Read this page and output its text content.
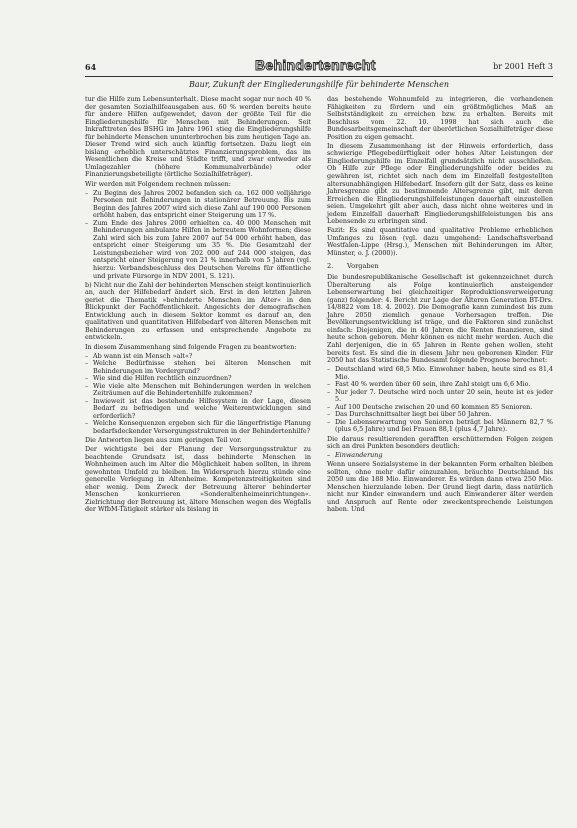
64	Behindertenrecht	br 2001 Heft 3
Baur, Zukunft der Eingliederungshilfe für behinderte Menschen

tur die Hilfe zum Lebensunterhalt. Diese macht sogar nur noch 40 % der gesamten Sozialhilfeausgaben aus. 60 % werden bereits heute für andere Hilfen aufgewendet, davon der größte Teil für die Eingliederungshilfe für Menschen mit Behinderungen. Seit Inkrafttreten des BSHG im Jahre 1961 stieg die Eingliederungshilfe für behinderte Menschen ununterbrochen bis zum heutigen Tage an. Dieser Trend wird sich auch künftig fortsetzen. Dazu liegt ein bislang erheblich unterschätztes Finanzierungsproblem, das im Wesentlichen die Kreise und Städte trifft, und zwar entweder als Umlagezahler (höhere Kommunalverbände) oder Finanzierungsbeteiligte (örtliche Sozialhilfeträger).

Wir werden mit Folgendem rechnen müssen:

– Zu Beginn des Jahres 2002 befanden sich ca. 162 000 volljährige Personen mit Behinderungen in stationärer Betreuung. Bis zum Beginn des Jahres 2007 wird sich diese Zahl auf 190 000 Personen erhöht haben, das entspricht einer Steigerung um 17 %.
– Zum Ende des Jahres 2000 erhielten ca. 40 000 Menschen mit Behinderungen ambulante Hilfen in betreutem Wohnformen; diese Zahl wird sich bis zum Jahre 2007 auf 54 000 erhöht haben, das entspricht einer Steigerung um 35 %. Die Gesamtzahl der Leistungsbezieher wird von 202 000 auf 244 000 steigen, das entspricht einer Steigerung von 21 % innerhalb von 5 Jahren (vgl. hierzu: Verbandsbeschluss des Deutschen Vereins für öffentliche und private Fürsorge in NDV 2001, S. 121).

b) Nicht nur die Zahl der behinderten Menschen steigt kontinuierlich an, auch der Hilfebedarf ändert sich. Erst in den letzten Jahren geriet die Thematik »behinderte Menschen im Alter« in den Blickpunkt der Fachöffentlichkeit. Angesichts der demografischen Entwicklung auch in diesem Sektor kommt es darauf an, den qualitativen und quantitativen Hilfebedarf von älteren Menschen mit Behinderungen zu erfassen und entsprechende Angebote zu entwickeln.

In diesem Zusammenhang sind folgende Fragen zu beantworten:

– Ab wann ist ein Mensch »alt«?
– Welche Bedürfnisse stehen bei älteren Menschen mit Behinderungen im Vordergrund?
– Wie sind die Hilfen rechtlich einzuordnen?
– Wie viele alte Menschen mit Behinderungen werden in welchen Zeiträumen auf die Behindertenhilfe zukommen?
– Inwieweit ist das bestehende Hilfesystem in der Lage, diesen Bedarf zu befriedigen und welche Weiterentwicklungen sind erforderlich?
– Welche Konsequenzen ergeben sich für die längerfristige Planung bedarfsdeckender Versorgungsstrukturen in der Behindertenhilfe?

Die Antworten liegen aus zum geringen Teil vor.

Der wichtigste bei der Planung der Versorgungsstruktur zu beachtende Grundsatz ist, dass behinderte Menschen in Wohnheimen auch im Alter die Möglichkeit haben sollten, in ihrem gewohnten Umfeld zu bleiben. Im Widerspruch hierzu stünde eine generelle Verlegung in Altenheime. Kompetenzstreitigkeiten sind eher wenig. Dem Zweck der Betreuung älterer behinderter Menschen konkurrieren »Sonderaltenheimeinrichtungen«. Zielrichtung der Betreuung ist, ältere Menschen wegen des Wegfalls der WfbM-Tätigkeit stärker als bislang in

das bestehende Wohnumfeld zu integrieren, die vorhandenen Fähigkeiten zu fördern und ein größtmögliches Maß an Selbstständigkeit zu erreichen bzw. zu erhalten. Bereits mit Beschluss vom 22. 10. 1998 hat sich auch die Bundesarbeitsgemeinschaft der überörtlichen Sozialhilfeträger diese Position zu eigen gemacht.

In diesem Zusammenhang ist der Hinweis erforderlich, dass schwierige Pflegebedürftigkeit oder hohes Alter Leistungen der Eingliederungshilfe im Einzelfall grundsätzlich nicht ausschließen. Ob Hilfe zur Pflege oder Eingliederungshilfe oder beides zu gewähren ist, richtet sich nach dem im Einzelfall festgestellten altersunabhängigen Hilfebedarf. Insofern gilt der Satz, dass es keine Jahresgrenze gibt zu bestimmende Altersgrenze gibt, mit deren Erreichen die Eingliederungshilfeleistungen dauerhaft einzustellen seien. Umgekehrt gilt aber auch, dass nicht ohne weiteres und in jedem Einzelfall dauerhaft Eingliederungshilfeleistungen bis ans Lebensende zu erbringen sind.

Fazit: Es sind quantitative und qualitative Probleme erheblichen Umfanges zu lösen (vgl. dazu umgehend: Landschaftsverband Westfalen-Lippe (Hrsg.), Menschen mit Behinderungen im Alter, Münster, o. J. (2000)).

2. Vorgaben

Die bundesrepublikanische Gesellschaft ist gekennzeichnet durch Überalterung als Folge kontinuierlich ansteigender Lebenserwartung bei gleichzeitiger Reproduktionsverweigerung (ganz) folgender: 4. Bericht zur Lage der Älteren Generation BT-Drs. 14/8822 vom 18. 4. 2002). Die Demografie kann zumindest bis zum Jahre 2050 ziemlich genaue Vorhersagen treffen. Die Bevölkerungsentwicklung ist träge, und die Faktoren sind zunächst einfach: Diejenigen, die in 40 Jahren die Renten finanzieren, sind heute schon geboren. Mehr können es nicht mehr werden. Auch die Zahl derjenigen, die in 65 Jahren in Rente gehen wollen, steht bereits fest. Es sind die in diesem Jahr neu geborenen Kinder. Für 2050 hat das Statistische Bundesamt folgende Prognose berechnet:

– Deutschland wird 68,5 Mio. Einwohner haben, heute sind es 81,4 Mio.
– Fast 40 % werden über 60 sein, ihre Zahl steigt um 6,6 Mio.
– Nur jeder 7. Deutsche wird noch unter 20 sein, heute ist es jeder 5.
– Auf 100 Deutsche zwischen 20 und 60 kommen 85 Senioren.
– Das Durchschnittsalter liegt bei über 50 Jahren.
– Die Lebenserwartung von Senioren beträgt bei Männern 82,7 % (plus 6,5 Jahre) und bei Frauen 88,1 (plus 4,7 Jahre).

Die daraus resultierenden gerafften erschütternden Folgen zeigen sich an drei Punkten besonders deutlich:

– Einwanderung

Wenn unsere Sozialsysteme in der bekannten Form erhalten bleiben sollten, ohne mehr dafür einzuzahlen, bräuchte Deutschland bis 2050 um die 188 Mio. Einwanderer. Es würden dann etwa 250 Mio. Menschen hierzulande leben. Der Grund liegt darin, dass natürlich nicht nur Kinder einwandern und auch Einwanderer älter werden und Anspruch auf Rente oder zweckentsprechende Leistungen haben. Und
